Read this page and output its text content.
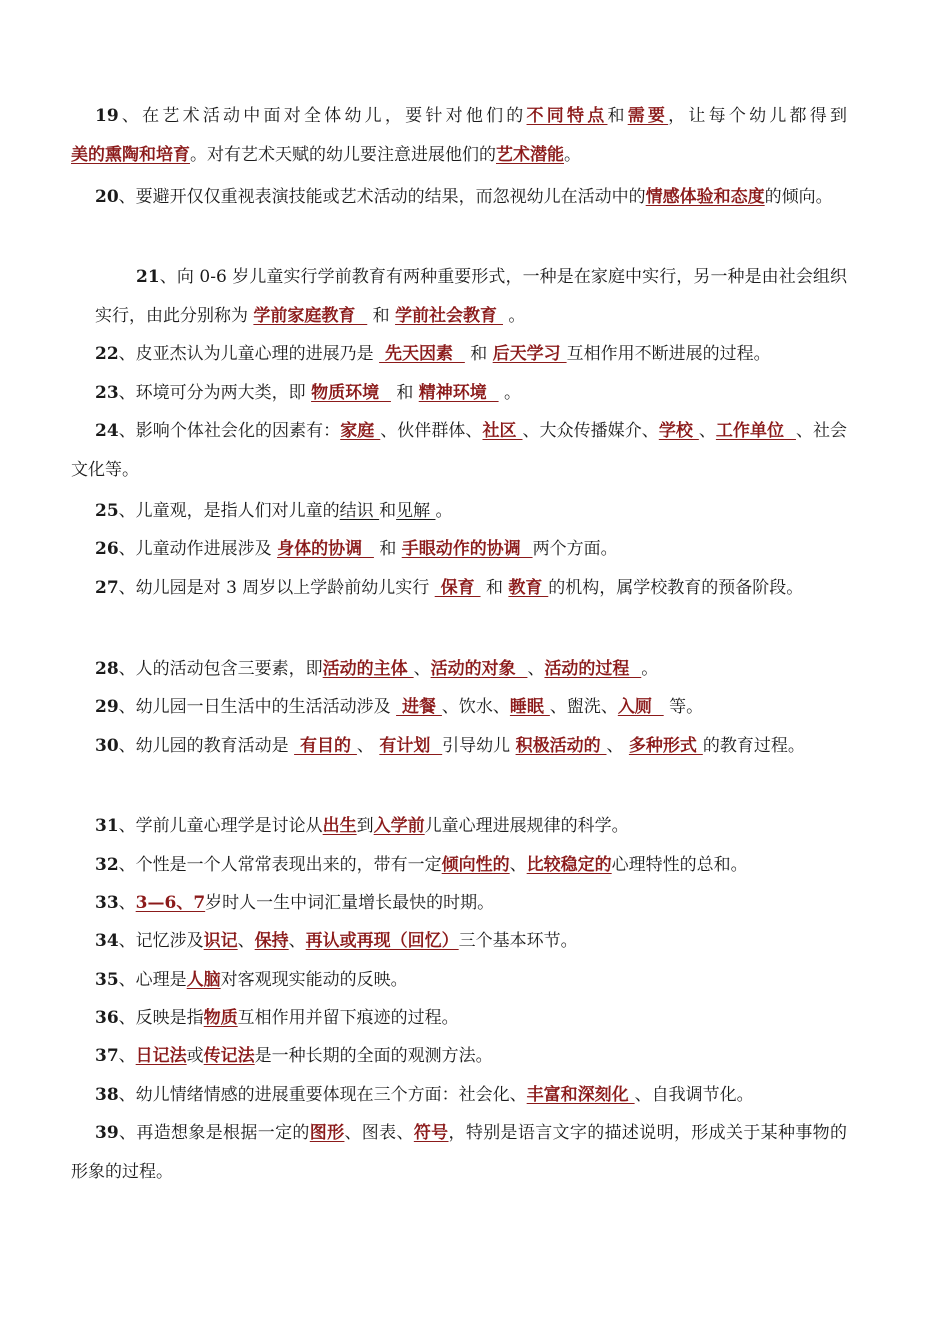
19、在艺术活动中面对全体幼儿，要针对他们的不同特点和需要，让每个幼儿都得到美的熏陶和培育。对有艺术天赋的幼儿要注意进展他们的艺术潜能。

20、要避开仅仅重视表演技能或艺术活动的结果，而忽视幼儿在活动中的情感体验和态度的倾向。

21、向 0-6 岁儿童实行学前教育有两种重要形式，一种是在家庭中实行，另一种是由社会组织实行，由此分别称为 学前家庭教育   和 学前社会教育  。

22、皮亚杰认为儿童心理的进展乃是  先天因素   和 后天学习 互相作用不断进展的过程。

23、环境可分为两大类，即 物质环境   和 精神环境   。

24、影响个体社会化的因素有：家庭 、伙伴群体、社区 、大众传播媒介、学校 、工作单位  、社会文化等。

25、儿童观，是指人们对儿童的结识 和见解 。

26、儿童动作进展涉及 身体的协调   和 手眼动作的协调  两个方面。

27、幼儿园是对 3 周岁以上学龄前幼儿实行  保育  和 教育 的机构，属学校教育的预备阶段。

28、人的活动包含三要素，即活动的主体 、活动的对象  、活动的过程  。

29、幼儿园一日生活中的生活活动涉及  进餐 、饮水、睡眠 、盥洗、入厕   等。

30、幼儿园的教育活动是  有目的 、 有计划  引导幼儿 积极活动的 、 多种形式 的教育过程。

31、学前儿童心理学是讨论从出生到入学前儿童心理进展规律的科学。

32、个性是一个人常常表现出来的，带有一定倾向性的、比较稳定的心理特性的总和。

33、3—6、7岁时人一生中词汇量增长最快的时期。

34、记忆涉及识记、保持、再认或再现（回忆）三个基本环节。

35、心理是人脑对客观现实能动的反映。

36、反映是指物质互相作用并留下痕迹的过程。

37、日记法或传记法是一种长期的全面的观测方法。

38、幼儿情绪情感的进展重要体现在三个方面：社会化、丰富和深刻化 、自我调节化。

39、再造想象是根据一定的图形、图表、符号，特别是语言文字的描述说明，形成关于某种事物的形象的过程。
